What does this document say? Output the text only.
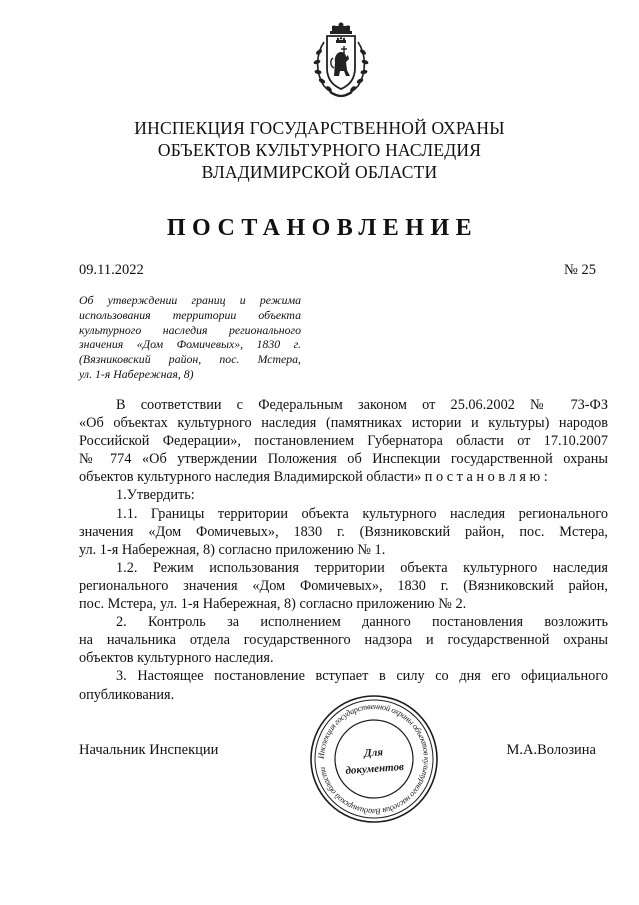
ИНСПЕКЦИЯ ГОСУДАРСТВЕННОЙ ОХРАНЫ
ОБЪЕКТОВ КУЛЬТУРНОГО НАСЛЕДИЯ
ВЛАДИМИРСКОЙ ОБЛАСТИ
ПОСТАНОВЛЕНИЕ
09.11.2022	№ 25
Об утверждении границ и режима
использования территории объекта
культурного наследия регионального
значения «Дом Фомичевых», 1830 г.
(Вязниковский район, пос. Мстера,
ул. 1-я Набережная, 8)
В соответствии с Федеральным законом от 25.06.2002 № 73-ФЗ
«Об объектах культурного наследия (памятниках истории и культуры) народов
Российской Федерации», постановлением Губернатора области от 17.10.2007
№ 774 «Об утверждении Положения об Инспекции государственной охраны
объектов культурного наследия Владимирской области» п о с т а н о в л я ю :
1.Утвердить:
1.1. Границы территории объекта культурного наследия регионального
значения «Дом Фомичевых», 1830 г. (Вязниковский район, пос. Мстера,
ул. 1-я Набережная, 8) согласно приложению № 1.
1.2. Режим использования территории объекта культурного наследия
регионального значения «Дом Фомичевых», 1830 г. (Вязниковский район,
пос. Мстера, ул. 1-я Набережная, 8) согласно приложению № 2.
2. Контроль за исполнением данного постановления возложить
на начальника отдела государственного надзора и государственной охраны
объектов культурного наследия.
3. Настоящее постановление вступает в силу со дня его официального
опубликования.
Начальник Инспекции	М.А.Волозина
Инспекция государственной охраны объектов культурного наследия Владимирской области
Для
документов
